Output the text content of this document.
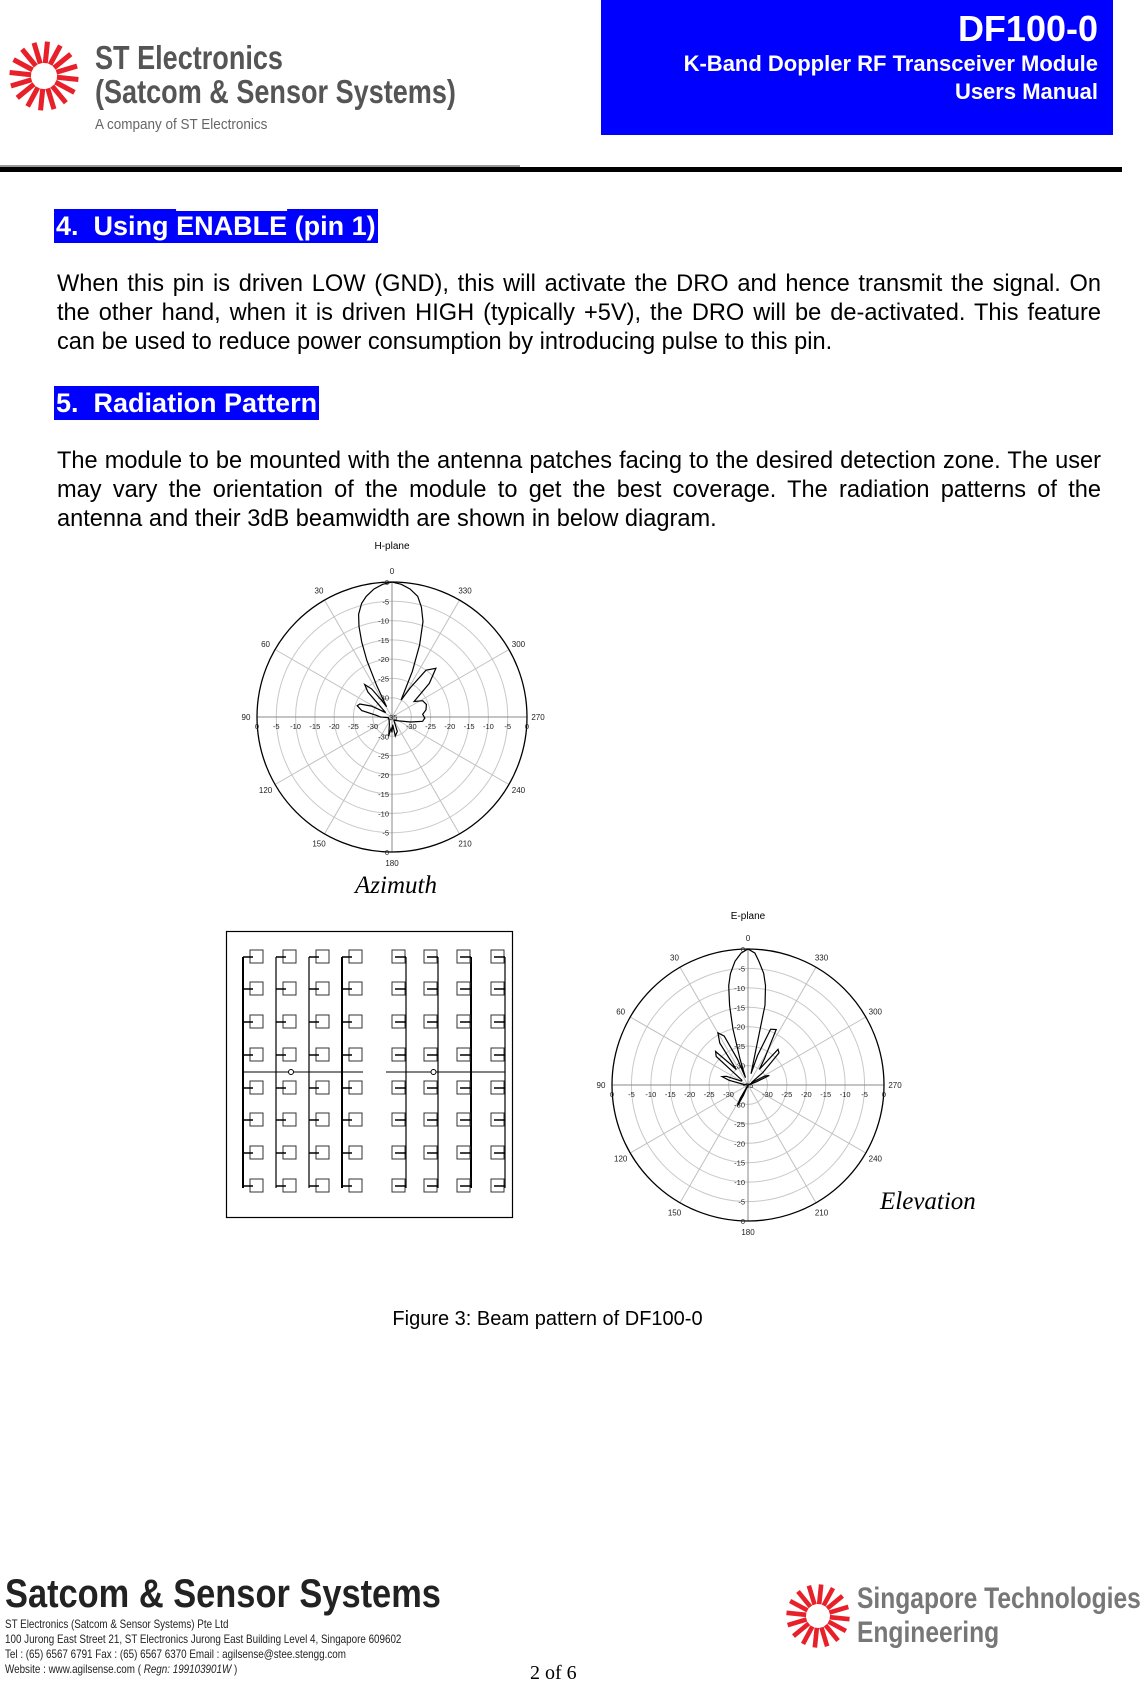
ST Electronics
(Satcom & Sensor Systems)
A company of ST Electronics
DF100-0
K-Band Doppler RF Transceiver Module
Users Manual
4. Using ENABLE (pin 1)
When this pin is driven LOW (GND), this will activate the DRO and hence transmit the signal. On the other hand, when it is driven HIGH (typically +5V), the DRO will be de-activated. This feature can be used to reduce power consumption by introducing pulse to this pin.
5. Radiation Pattern
The module to be mounted with the antenna patches facing to the desired detection zone. The user may vary the orientation of the module to get the best coverage. The radiation patterns of the antenna and their 3dB beamwidth are shown in below diagram.
H-plane
0
30
60
90
120
150
180
210
240
270
300
330
0
0
0	0
-5
-5
-5	-5
-10
-10
-10	-10
-15
-15
-15	-15
-20
-20
-20	-20
-25
-25
-25	-25
-30
-30
-30	-30
-35
Azimuth
E-plane
0
30
60
90
120
150
180
210
240
270
300
330
0
0
0	0
-5
-5
-5	-5
-10
-10
-10	-10
-15
-15
-15	-15
-20
-20
-20	-20
-25
-25
-25	-25
-30
-30
-30	-30
-35
Elevation
Figure 3: Beam pattern of DF100-0
Satcom & Sensor Systems
ST Electronics (Satcom & Sensor Systems) Pte Ltd
100 Jurong East Street 21, ST Electronics Jurong East Building Level 4, Singapore 609602
Tel : (65) 6567 6791 Fax : (65) 6567 6370 Email : agilsense@stee.stengg.com
Website : www.agilsense.com ( Regn: 199103901W )	2 of 6
Singapore Technologies
Engineering
